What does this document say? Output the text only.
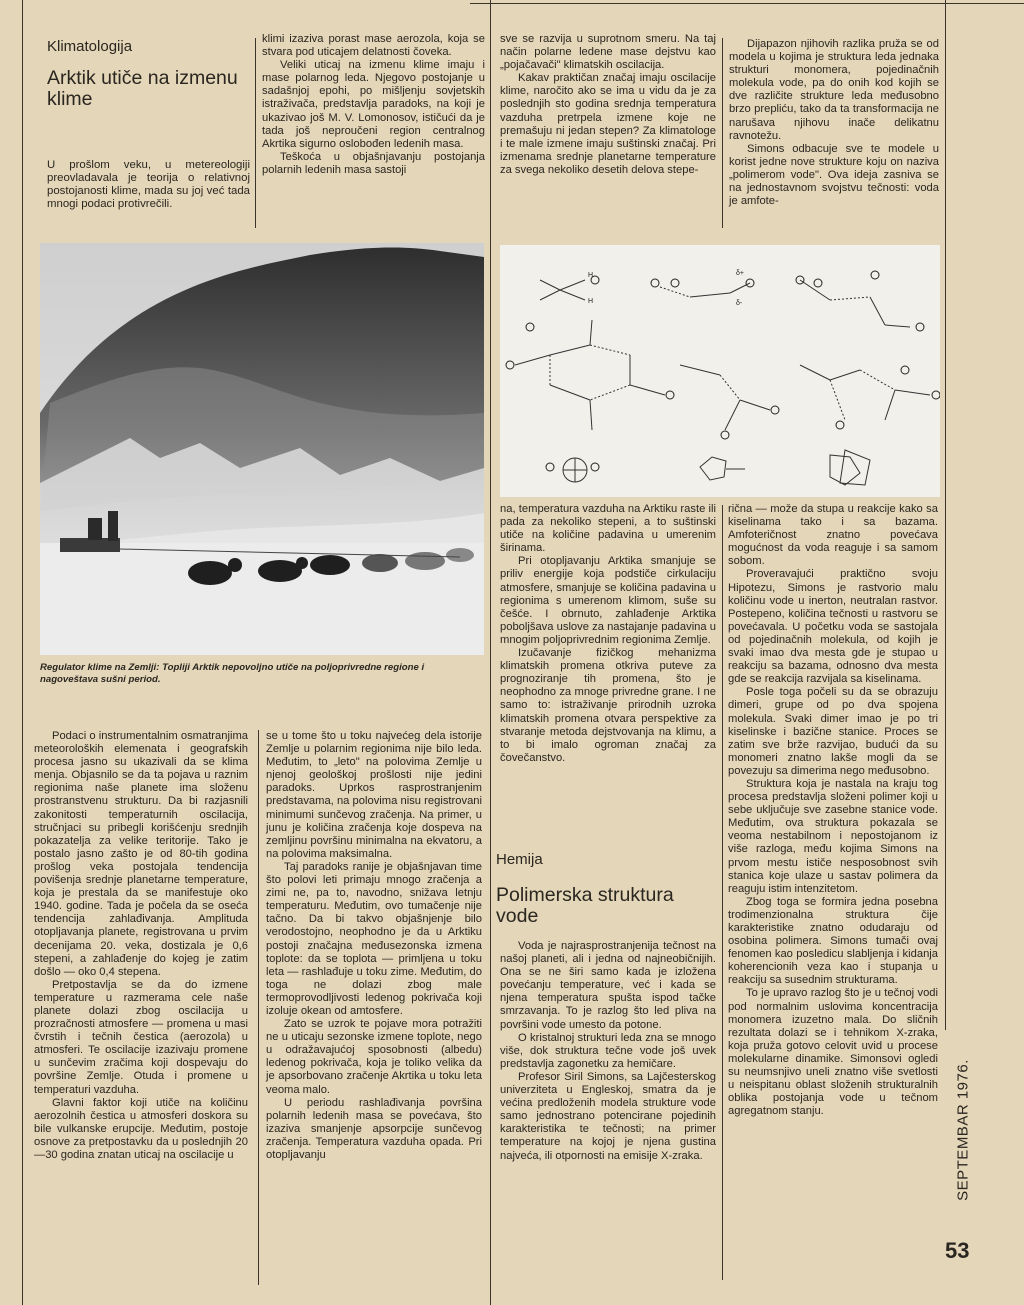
Klimatologija
Arktik utiče na izmenu klime
U prošlom veku, u metereologiji preovladavala je teorija o relativnoj postojanosti klime, mada su joj već tada mnogi podaci protivrečili.

klimi izaziva porast mase aerozola, koja se stvara pod uticajem delatnosti čoveka.

Veliki uticaj na izmenu klime imaju i mase polarnog leda. Njegovo postojanje u sadašnjoj epohi, po mišljenju sovjetskih istraživača, predstavlja paradoks, na koji je ukazivao još M. V. Lomonosov, ističući da je tada još neproučeni region centralnog Akrtika sigurno oslobođen ledenih masa.

Teškoća u objašnjavanju postojanja polarnih ledenih masa sastoji

sve se razvija u suprotnom smeru. Na taj način polarne ledene mase dejstvu kao „pojačavači" klimatskih oscilacija.

Kakav praktičan značaj imaju oscilacije klime, naročito ako se ima u vidu da je za poslednjih sto godina srednja temperatura vazduha pretrpela izmene koje ne premašuju ni jedan stepen? Za klimatologe i te male izmene imaju suštinski značaj. Pri izmenama srednje planetarne temperature za svega nekoliko desetih delova stepe-

Dijapazon njihovih razlika pruža se od modela u kojima je struktura leda jednaka strukturi monomera, pojedinačnih molekula vode, pa do onih kod kojih se dve različite strukture leda međusobno brzo prepliću, tako da ta transformacija ne narušava njihovu inače delikatnu ravnotežu.

Simons odbacuje sve te modele u korist jedne nove strukture koju on naziva „polimerom vode". Ova ideja zasniva se na jednostavnom svojstvu tečnosti: voda je amfote-

Regulator klime na Zemlji: Topliji Arktik nepovoljno utiče na poljoprivredne regione i nagoveštava sušni period.
H
H
δ+
δ-

Podaci o instrumentalnim osmatranjima meteoroloških elemenata i geografskih procesa jasno su ukazivali da se klima menja. Objasnilo se da ta pojava u raznim regionima naše planete ima složenu prostranstvenu strukturu. Da bi razjasnili zakonitosti temperaturnih oscilacija, stručnjaci su pribegli korišćenju srednjih pokazatelja za velike teritorije. Tako je postalo jasno zašto je od 80-tih godina prošlog veka postojala tendencija povišenja srednje planetarne temperature, koja je prestala da se manifestuje oko 1940. godine. Tada je počela da se oseća tendencija zahlađivanja. Amplituda otopljavanja planete, registrovana u prvim decenijama 20. veka, dostizala je 0,6 stepeni, a zahlađenje do kojeg je zatim došlo — oko 0,4 stepena.

Pretpostavlja se da do izmene temperature u razmerama cele naše planete dolazi zbog oscilacija u prozračnosti atmosfere — promena u masi čvrstih i tečnih čestica (aerozola) u atmosferi. Te oscilacije izazivaju promene u sunčevim zračima koji dospevaju do površine Zemlje. Otuda i promene u temperaturi vazduha.

Glavni faktor koji utiče na količinu aerozolnih čestica u atmosferi doskora su bile vulkanske erupcije. Međutim, postoje osnove za pretpostavku da u poslednjih 20—30 godina znatan uticaj na oscilacije u

se u tome što u toku najvećeg dela istorije Zemlje u polarnim regionima nije bilo leda. Međutim, to „leto" na polovima Zemlje u njenoj geološkoj prošlosti nije jedini paradoks. Uprkos rasprostranjenim predstavama, na polovima nisu registrovani minimumi sunčevog zračenja. Na primer, u junu je količina zračenja koje dospeva na zemljinu površinu minimalna na ekvatoru, a na polovima maksimalna.

Taj paradoks ranije je objašnjavan time što polovi leti primaju mnogo zračenja a zimi ne, pa to, navodno, snižava letnju temperaturu. Međutim, ovo tumačenje nije tačno. Da bi takvo objašnjenje bilo verodostojno, neophodno je da u Arktiku postoji značajna međusezonska izmena toplote: da se toplota — primljena u toku leta — rashlađuje u toku zime. Međutim, do toga ne dolazi zbog male termoprovodljivosti ledenog pokrivača koji izoluje okean od amtosfere.

Zato se uzrok te pojave mora potražiti ne u uticaju sezonske izmene toplote, nego u odražavajućoj sposobnosti (albedu) ledenog pokrivača, koja je toliko velika da je apsorbovano zračenje Akrtika u toku leta veoma malo.

U periodu rashlađivanja površina polarnih ledenih masa se povećava, što izaziva smanjenje apsorpcije sunčevog zračenja. Temperatura vazduha opada. Pri otopljavanju

na, temperatura vazduha na Arktiku raste ili pada za nekoliko stepeni, a to suštinski utiče na količine padavina u umerenim širinama.

Pri otopljavanju Arktika smanjuje se priliv energije koja podstiče cirkulaciju atmosfere, smanjuje se količina padavina u regionima s umerenom klimom, suše su češće. I obrnuto, zahlađenje Arktika poboljšava uslove za nastajanje padavina u mnogim poljoprivrednim regionima Zemlje.

Izučavanje fizičkog mehanizma klimatskih promena otkriva puteve za prognoziranje tih promena, što je neophodno za mnoge privredne grane. I ne samo to: istraživanje prirodnih uzroka klimatskih promena otvara perspektive za stvaranje metoda dejstvovanja na klimu, a to bi imalo ogroman značaj za čovečanstvo.

Hemija
Polimerska struktura vode

Voda je najrasprostranjenija tečnost na našoj planeti, ali i jedna od najneobičnijih. Ona se ne širi samo kada je izložena povećanju temperature, već i kada se njena temperatura spušta ispod tačke smrzavanja. To je razlog što led pliva na površini vode umesto da potone.

O kristalnoj strukturi leda zna se mnogo više, dok struktura tečne vode još uvek predstavlja zagonetku za hemičare.

Profesor Siril Simons, sa Lajčesterskog univerziteta u Engleskoj, smatra da je većina predloženih modela strukture vode samo jednostrano potencirane pojedinih karakteristika te tečnosti; na primer temperature na kojoj je njena gustina najveća, ili otpornosti na emisije X-zraka.

rična — može da stupa u reakcije kako sa kiselinama tako i sa bazama. Amfoteričnost znatno povećava mogućnost da voda reaguje i sa samom sobom.

Proveravajući praktično svoju Hipotezu, Simons je rastvorio malu količinu vode u inerton, neutralan rastvor. Postepeno, količina tečnosti u rastvoru se povećavala. U početku voda se sastojala od pojedinačnih molekula, od kojih je svaki imao dva mesta gde je stupao u reakciju sa bazama, odnosno dva mesta gde se reakcija razvijala sa kiselinama.

Posle toga počeli su da se obrazuju dimeri, grupe od po dva spojena molekula. Svaki dimer imao je po tri kiselinske i bazične stanice. Proces se zatim sve brže razvijao, budući da su monomeri znatno lakše mogli da se povezuju sa dimerima nego međusobno.

Struktura koja je nastala na kraju tog procesa predstavlja složeni polimer koji u sebe uključuje sve zasebne stanice vode. Međutim, ova struktura pokazala se veoma nestabilnom i nepostojanom iz više razloga, među kojima Simons na prvom mestu ističe nesposobnost svih stanica koje ulaze u sastav polimera da reaguju istim intenzitetom.

Zbog toga se formira jedna posebna trodimenzionalna struktura čije karakteristike znatno odudaraju od osobina polimera. Simons tumači ovaj fenomen kao posledicu slabljenja i kidanja koherencionih veza kao i stupanja u reakciju sa susednim strukturama.

To je upravo razlog što je u tečnoj vodi pod normalnim uslovima koncentracija monomera izuzetno mala. Do sličnih rezultata dolazi se i tehnikom X-zraka, koja pruža gotovo celovit uvid u procese molekularne dinamike. Simonsovi ogledi su neumsnjivo uneli znatno više svetlosti u neispitanu oblast složenih strukturalnih oblika postojanja vode u tečnom agregatnom stanju.	SEPTEMBAR 1976.
53
